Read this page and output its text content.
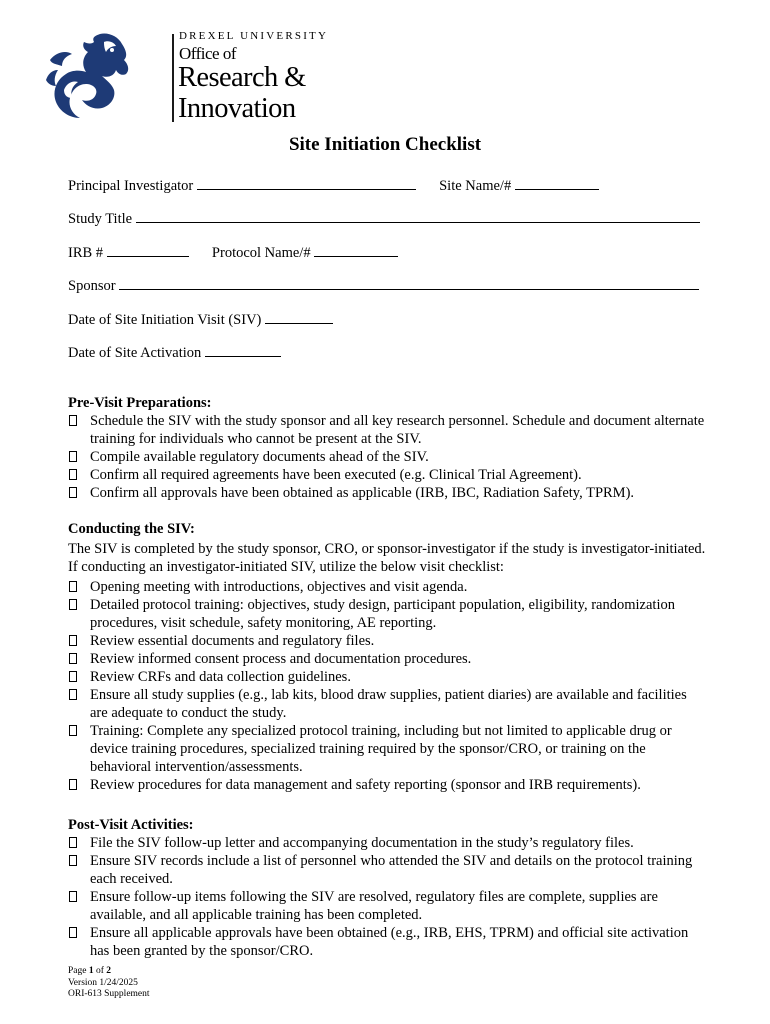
DREXEL UNIVERSITY
Office of
Research &
Innovation
Site Initiation Checklist
Principal Investigator	Site Name/#
Study Title
IRB #	Protocol Name/#
Sponsor
Date of Site Initiation Visit (SIV)
Date of Site Activation
Pre-Visit Preparations:
Schedule the SIV with the study sponsor and all key research personnel. Schedule and document alternate training for individuals who cannot be present at the SIV.
Compile available regulatory documents ahead of the SIV.
Confirm all required agreements have been executed (e.g. Clinical Trial Agreement).
Confirm all approvals have been obtained as applicable (IRB, IBC, Radiation Safety, TPRM).
Conducting the SIV:

The SIV is completed by the study sponsor, CRO, or sponsor-investigator if the study is investigator-initiated. If conducting an investigator-initiated SIV, utilize the below visit checklist:

Opening meeting with introductions, objectives and visit agenda.
Detailed protocol training: objectives, study design, participant population, eligibility, randomization procedures, visit schedule, safety monitoring, AE reporting.
Review essential documents and regulatory files.
Review informed consent process and documentation procedures.
Review CRFs and data collection guidelines.
Ensure all study supplies (e.g., lab kits, blood draw supplies, patient diaries) are available and facilities are adequate to conduct the study.
Training: Complete any specialized protocol training, including but not limited to applicable drug or device training procedures, specialized training required by the sponsor/CRO, or training on the behavioral intervention/assessments.
Review procedures for data management and safety reporting (sponsor and IRB requirements).
Post-Visit Activities:
File the SIV follow-up letter and accompanying documentation in the study’s regulatory files.
Ensure SIV records include a list of personnel who attended the SIV and details on the protocol training each received.
Ensure follow-up items following the SIV are resolved, regulatory files are complete, supplies are available, and all applicable training has been completed.
Ensure all applicable approvals have been obtained (e.g., IRB, EHS, TPRM) and official site activation has been granted by the sponsor/CRO.
Page 1 of 2
Version 1/24/2025
ORI-613 Supplement
